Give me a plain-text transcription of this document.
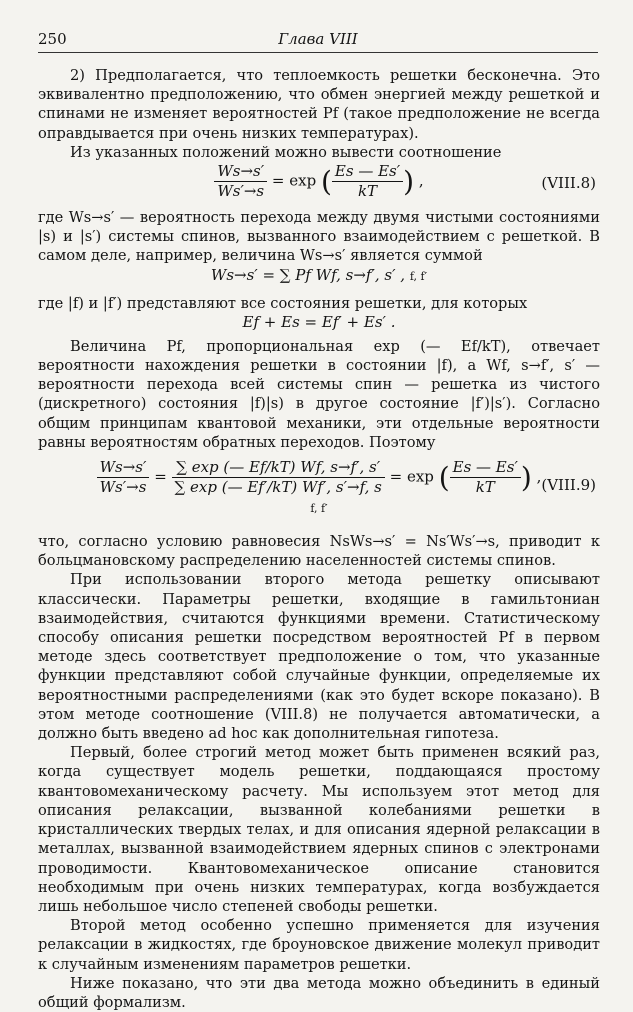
250	Глава VIII

2) Предполагается, что теплоемкость решетки бесконечна. Это эквивалентно предположению, что обмен энергией между решеткой и спинами не изменяет вероятностей Pf (такое предположение не всегда оправдывается при очень низких температурах).

Из указанных положений можно вывести соотношение

$\frac{Ws\to s'}{Ws'\to s} = \exp$ ( $\frac{Es — Es'}{kT}$ ) ,	(VIII.8)

где Ws→s′ — вероятность перехода между двумя чистыми состояниями |s) и |s′) системы спинов, вызванного взаимодействием с решеткой. В самом деле, например, величина Ws→s′ является суммой

Ws→s′ = ∑ Pf Wf, s→f′, s′ , f, f′

где |f) и |f′) представляют все состояния решетки, для которых

Ef + Es = Ef′ + Es′ .

Величина Pf, пропорциональная exp (— Ef/kT), отвечает вероятности нахождения решетки в состоянии |f), а Wf, s→f′, s′ — вероятности перехода всей системы спин — решетка из чистого (дискретного) состояния |f)|s) в другое состояние |f′)|s′). Согласно общим принципам квантовой механики, эти отдельные вероятности равны вероятностям обратных переходов. Поэтому

$\frac{Ws\to s'}{Ws'\to s} = \frac{\sum \exp (— Ef/kT) Wf, s\to f', s'}{\sum \exp (— Ef'/kT) Wf', s'\to f, s} = \exp$ ( $\frac{Es — Es'}{kT}$ ) ,
f, f′
(VIII.9)

что, согласно условию равновесия NsWs→s′ = Ns′Ws′→s, приводит к больцмановскому распределению населенностей системы спинов.

При использовании второго метода решетку описывают классически. Параметры решетки, входящие в гамильтониан взаимодействия, считаются функциями времени. Статистическому способу описания решетки посредством вероятностей Pf в первом методе здесь соответствует предположение о том, что указанные функции представляют собой случайные функции, определяемые их вероятностными распределениями (как это будет вскоре показано). В этом методе соотношение (VIII.8) не получается автоматически, а должно быть введено ad hoc как дополнительная гипотеза.

Первый, более строгий метод может быть применен всякий раз, когда существует модель решетки, поддающаяся простому квантовомеханическому расчету. Мы используем этот метод для описания релаксации, вызванной колебаниями решетки в кристаллических твердых телах, и для описания ядерной релаксации в металлах, вызванной взаимодействием ядерных спинов с электронами проводимости. Квантовомеханическое описание становится необходимым при очень низких температурах, когда возбуждается лишь небольшое число степеней свободы решетки.

Второй метод особенно успешно применяется для изучения релаксации в жидкостях, где броуновское движение молекул приводит к случайным изменениям параметров решетки.

Ниже показано, что эти два метода можно объединить в единый общий формализм.
